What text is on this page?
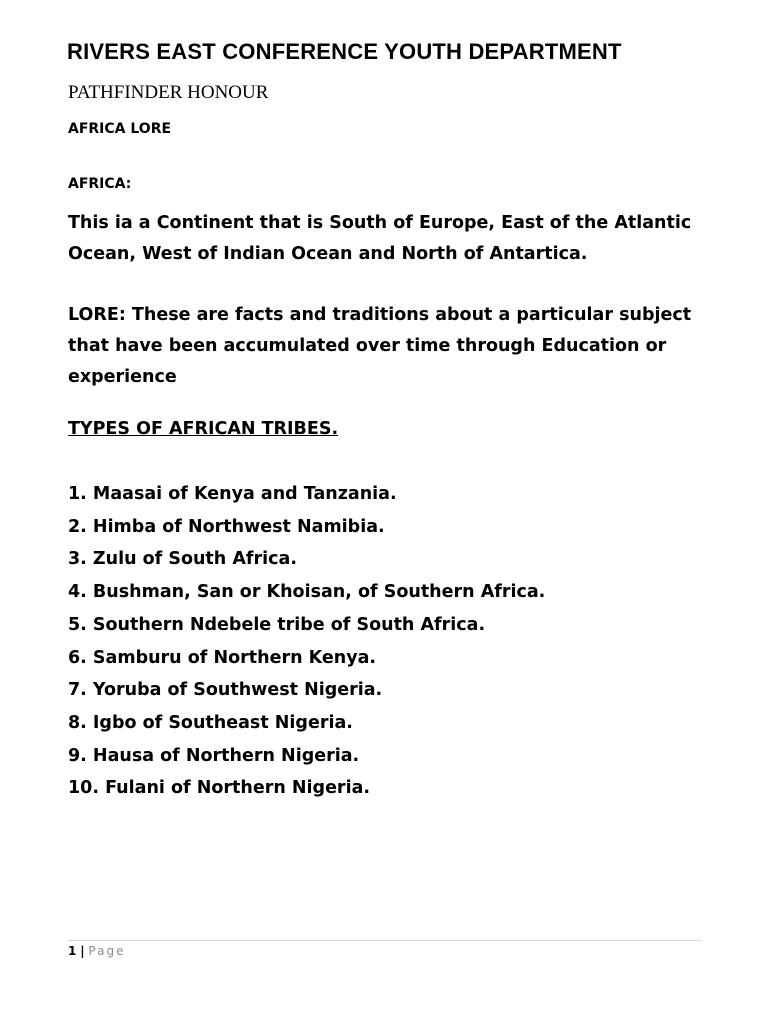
RIVERS EAST CONFERENCE YOUTH DEPARTMENT
PATHFINDER HONOUR
AFRICA LORE
AFRICA:
This ia a Continent that is South of Europe, East of the Atlantic Ocean, West of Indian Ocean and North of Antartica.
LORE: These are facts and traditions about a particular subject that have been accumulated over time through Education or experience
TYPES OF AFRICAN TRIBES.
1. Maasai of Kenya and Tanzania.
2. Himba of Northwest Namibia.
3. Zulu of South Africa.
4. Bushman, San or Khoisan, of Southern Africa.
5. Southern Ndebele tribe of South Africa.
6. Samburu of Northern Kenya.
7. Yoruba of Southwest Nigeria.
8. Igbo of Southeast Nigeria.
9. Hausa of Northern Nigeria.
10. Fulani of Northern Nigeria.
1 | Page
